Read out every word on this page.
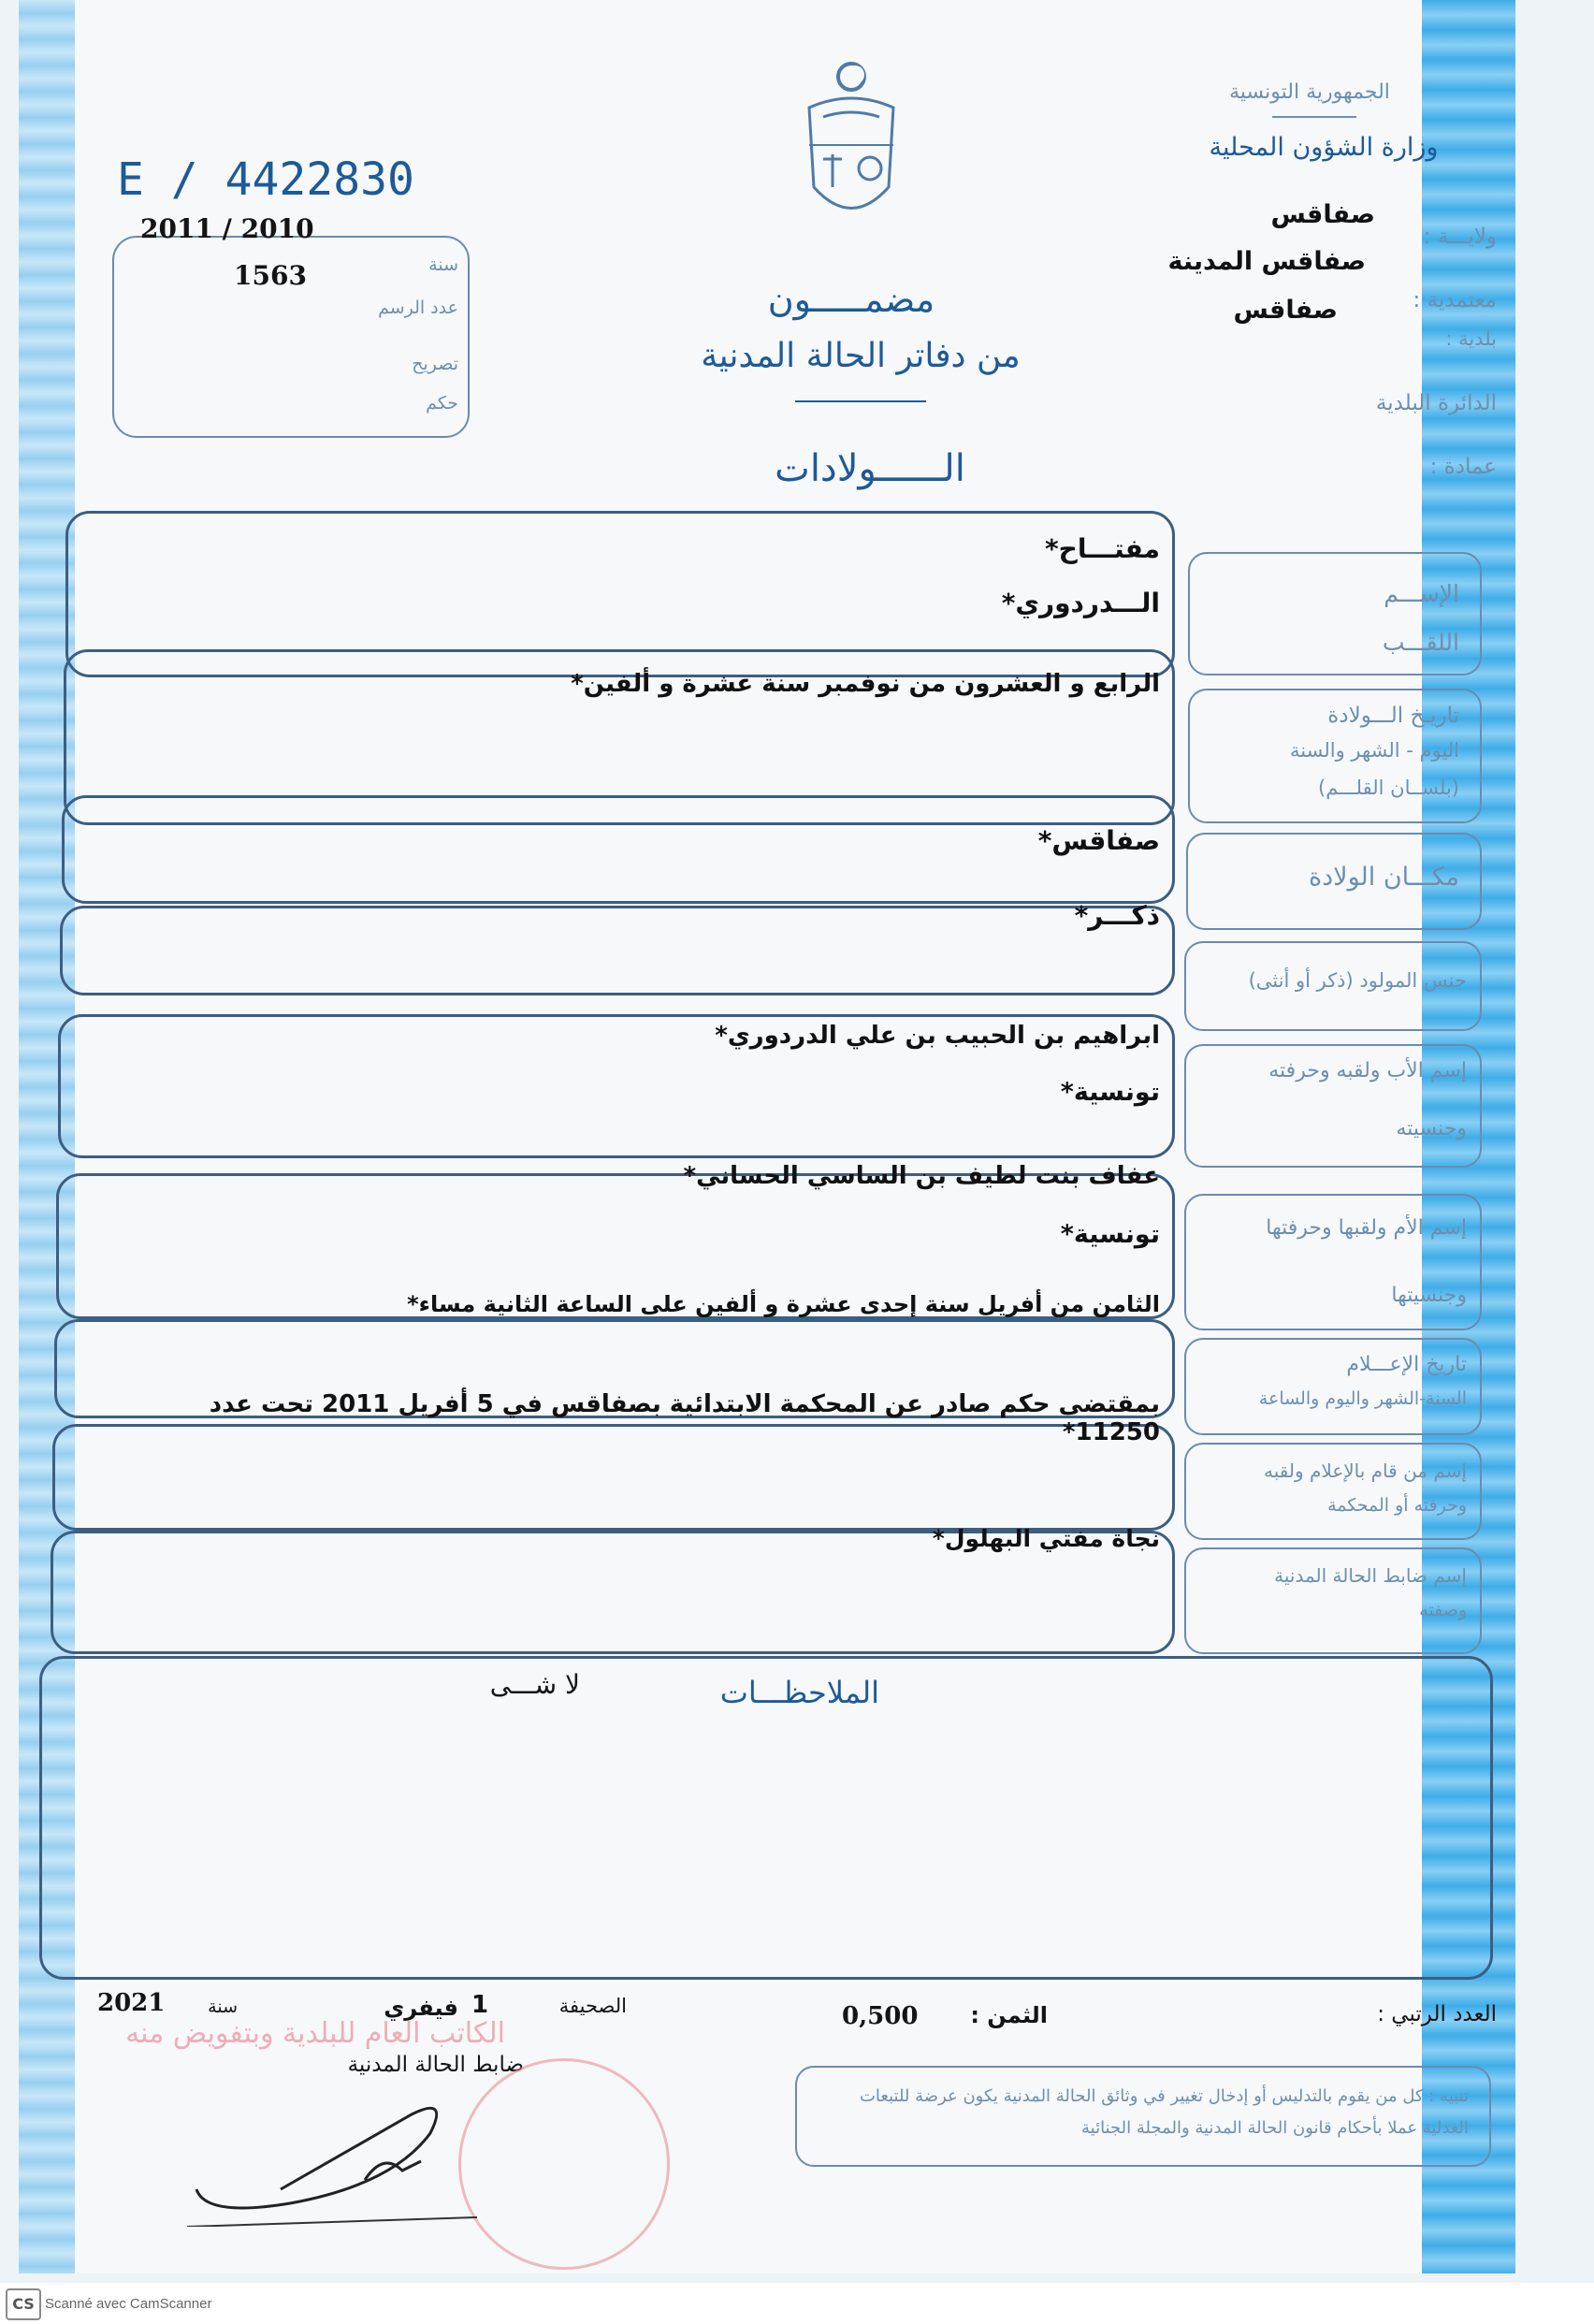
الجمهورية التونسية
وزارة الشؤون المحلية
ولايـــة :
صفاقس
معتمدية :
صفاقس المدينة
بلدية :
صفاقس
الدائرة البلدية
عمادة :
E / 4422830
2011 / 2010
1563	سنة
عدد الرسم
تصريح
حكم
مضمـــــون
من دفاتر الحالة المدنية
الــــــولادات
الإســـم
اللقـــب
مفتـــاح*
الـــدردوري*
تاريـخ الـــولادة
اليوم - الشهر والسنة
(بلســان القلـــم)
الرابع و العشرون من نوفمبر سنة عشرة و ألفين*
مكـــان الولادة
صفاقس*
جنس المولود (ذكر أو أنثى)
ذكـــر*
إسم الأب ولقبه وحرفته
وجنسيته
ابراهيم بن الحبيب بن علي الدردوري*
تونسية*
إسم الأم ولقبها وحرفتها
وجنسيتها
عفاف بنت لطيف بن الساسي الحساني*
تونسية*
تاريخ الإعـــلام
السنة-الشهر واليوم والساعة
الثامن من أفريل سنة إحدى عشرة و ألفين على الساعة الثانية مساء*
إسم من قام بالإعلام ولقبه
وحرفته أو المحكمة
بمقتضى حكم صادر عن المحكمة الابتدائية بصفاقس في 5 أفريل 2011 تحت عدد 11250*
إسم ضابط الحالة المدنية
وصفته
نجاة مفتي البهلول*
الملاحظـــات
لا شـــى
العدد الرتبي :
الثمن :
0,500
الصحيفة
1
فيفري
سنة
2021
الكاتب العام للبلدية وبتفويض منه
ضابط الحالة المدنية
تنبيه : كل من يقوم بالتدليس أو إدخال تغيير في وثائق الحالة المدنية يكون عرضة للتبعات العدلية عملا بأحكام قانون الحالة المدنية والمجلة الجنائية
CS Scanné avec CamScanner
